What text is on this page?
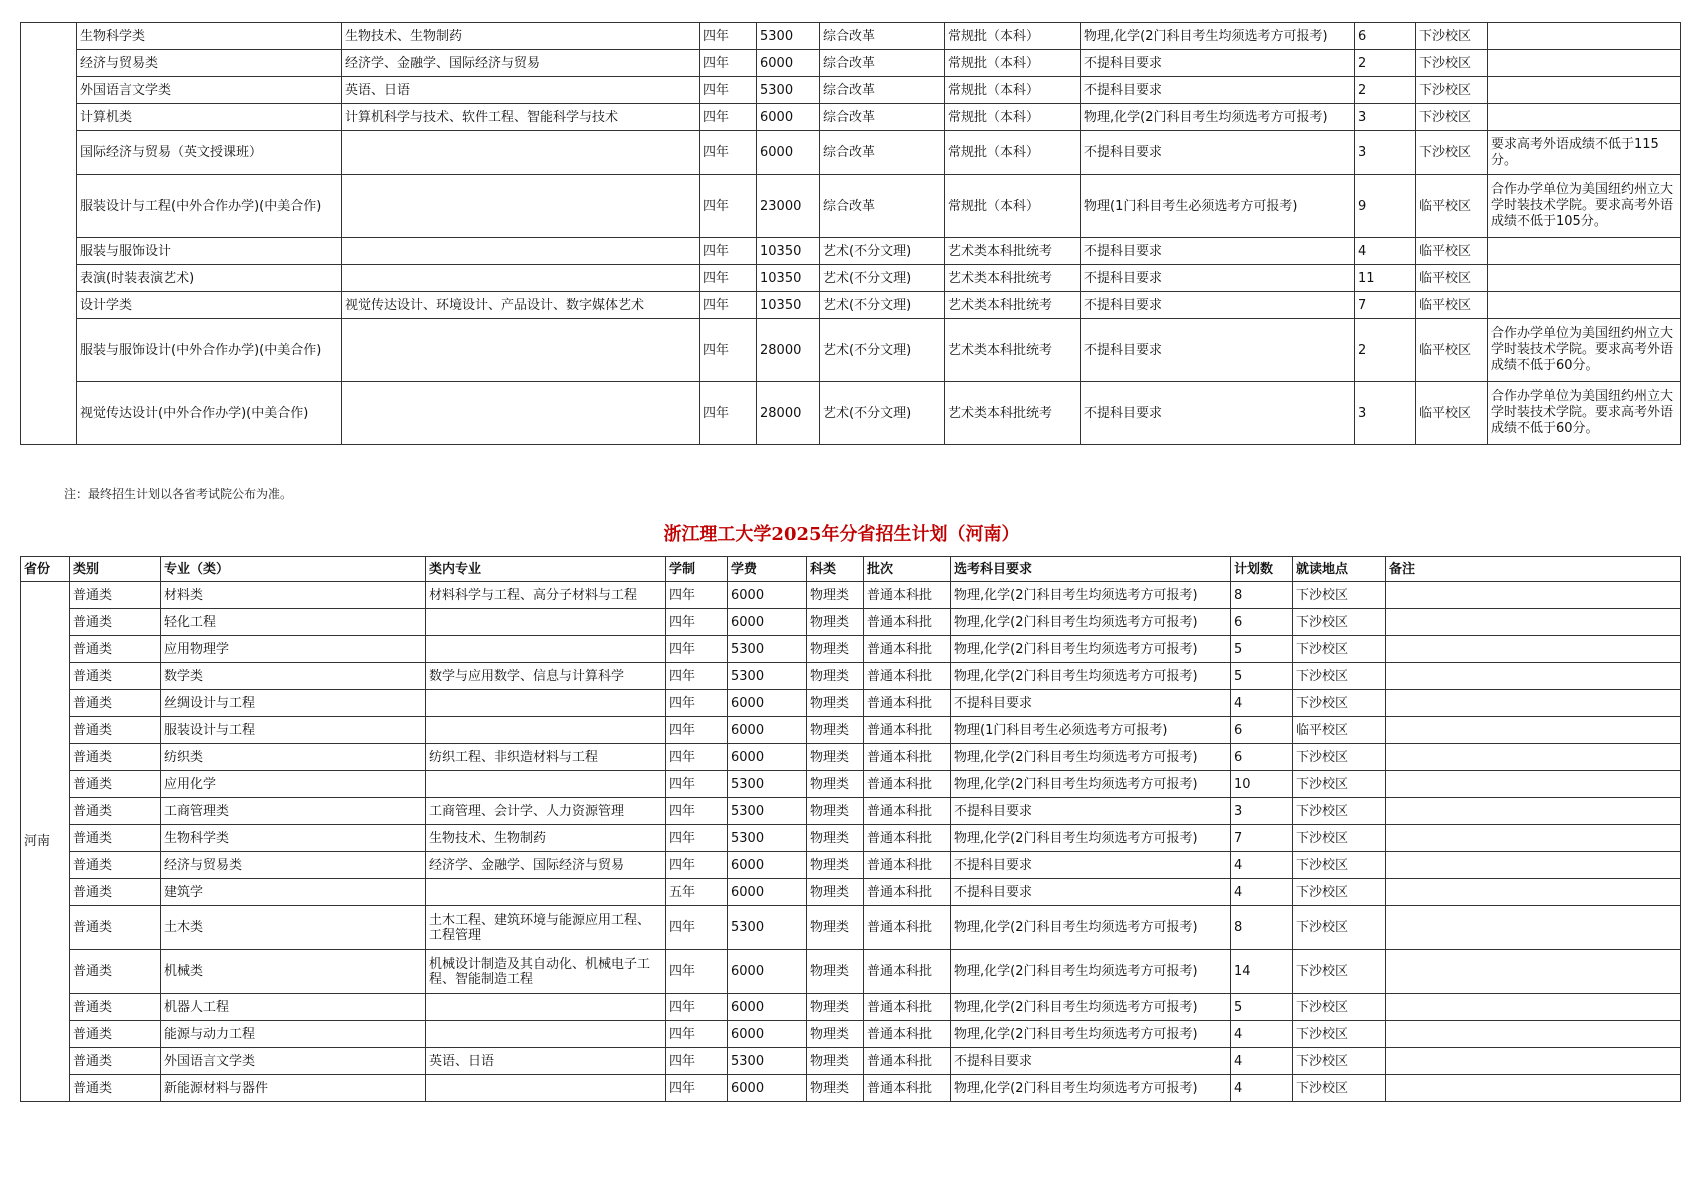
	生物科学类	生物技术、生物制药	四年	5300	综合改革	常规批（本科）	物理,化学(2门科目考生均须选考方可报考)	6	下沙校区	
	经济与贸易类	经济学、金融学、国际经济与贸易	四年	6000	综合改革	常规批（本科）	不提科目要求	2	下沙校区	
	外国语言文学类	英语、日语	四年	5300	综合改革	常规批（本科）	不提科目要求	2	下沙校区	
	计算机类	计算机科学与技术、软件工程、智能科学与技术	四年	6000	综合改革	常规批（本科）	物理,化学(2门科目考生均须选考方可报考)	3	下沙校区	
	国际经济与贸易（英文授课班）		四年	6000	综合改革	常规批（本科）	不提科目要求	3	下沙校区	要求高考外语成绩不低于115分。
	服装设计与工程(中外合作办学)(中美合作)		四年	23000	综合改革	常规批（本科）	物理(1门科目考生必须选考方可报考)	9	临平校区	合作办学单位为美国纽约州立大学时装技术学院。要求高考外语成绩不低于105分。
	服装与服饰设计		四年	10350	艺术(不分文理)	艺术类本科批统考	不提科目要求	4	临平校区	
	表演(时装表演艺术)		四年	10350	艺术(不分文理)	艺术类本科批统考	不提科目要求	11	临平校区	
	设计学类	视觉传达设计、环境设计、产品设计、数字媒体艺术	四年	10350	艺术(不分文理)	艺术类本科批统考	不提科目要求	7	临平校区	
	服装与服饰设计(中外合作办学)(中美合作)		四年	28000	艺术(不分文理)	艺术类本科批统考	不提科目要求	2	临平校区	合作办学单位为美国纽约州立大学时装技术学院。要求高考外语成绩不低于60分。
	视觉传达设计(中外合作办学)(中美合作)		四年	28000	艺术(不分文理)	艺术类本科批统考	不提科目要求	3	临平校区	合作办学单位为美国纽约州立大学时装技术学院。要求高考外语成绩不低于60分。
注：最终招生计划以各省考试院公布为准。
浙江理工大学2025年分省招生计划（河南）
省份	类别	专业（类）	类内专业	学制	学费	科类	批次	选考科目要求	计划数	就读地点	备注
河南	普通类	材料类	材料科学与工程、高分子材料与工程	四年	6000	物理类	普通本科批	物理,化学(2门科目考生均须选考方可报考)	8	下沙校区	
	普通类	轻化工程		四年	6000	物理类	普通本科批	物理,化学(2门科目考生均须选考方可报考)	6	下沙校区	
	普通类	应用物理学		四年	5300	物理类	普通本科批	物理,化学(2门科目考生均须选考方可报考)	5	下沙校区	
	普通类	数学类	数学与应用数学、信息与计算科学	四年	5300	物理类	普通本科批	物理,化学(2门科目考生均须选考方可报考)	5	下沙校区	
	普通类	丝绸设计与工程		四年	6000	物理类	普通本科批	不提科目要求	4	下沙校区	
	普通类	服装设计与工程		四年	6000	物理类	普通本科批	物理(1门科目考生必须选考方可报考)	6	临平校区	
	普通类	纺织类	纺织工程、非织造材料与工程	四年	6000	物理类	普通本科批	物理,化学(2门科目考生均须选考方可报考)	6	下沙校区	
	普通类	应用化学		四年	5300	物理类	普通本科批	物理,化学(2门科目考生均须选考方可报考)	10	下沙校区	
	普通类	工商管理类	工商管理、会计学、人力资源管理	四年	5300	物理类	普通本科批	不提科目要求	3	下沙校区	
	普通类	生物科学类	生物技术、生物制药	四年	5300	物理类	普通本科批	物理,化学(2门科目考生均须选考方可报考)	7	下沙校区	
	普通类	经济与贸易类	经济学、金融学、国际经济与贸易	四年	6000	物理类	普通本科批	不提科目要求	4	下沙校区	
	普通类	建筑学		五年	6000	物理类	普通本科批	不提科目要求	4	下沙校区	
	普通类	土木类	土木工程、建筑环境与能源应用工程、工程管理	四年	5300	物理类	普通本科批	物理,化学(2门科目考生均须选考方可报考)	8	下沙校区	
	普通类	机械类	机械设计制造及其自动化、机械电子工程、智能制造工程	四年	6000	物理类	普通本科批	物理,化学(2门科目考生均须选考方可报考)	14	下沙校区	
	普通类	机器人工程		四年	6000	物理类	普通本科批	物理,化学(2门科目考生均须选考方可报考)	5	下沙校区	
	普通类	能源与动力工程		四年	6000	物理类	普通本科批	物理,化学(2门科目考生均须选考方可报考)	4	下沙校区	
	普通类	外国语言文学类	英语、日语	四年	5300	物理类	普通本科批	不提科目要求	4	下沙校区	
	普通类	新能源材料与器件		四年	6000	物理类	普通本科批	物理,化学(2门科目考生均须选考方可报考)	4	下沙校区	
